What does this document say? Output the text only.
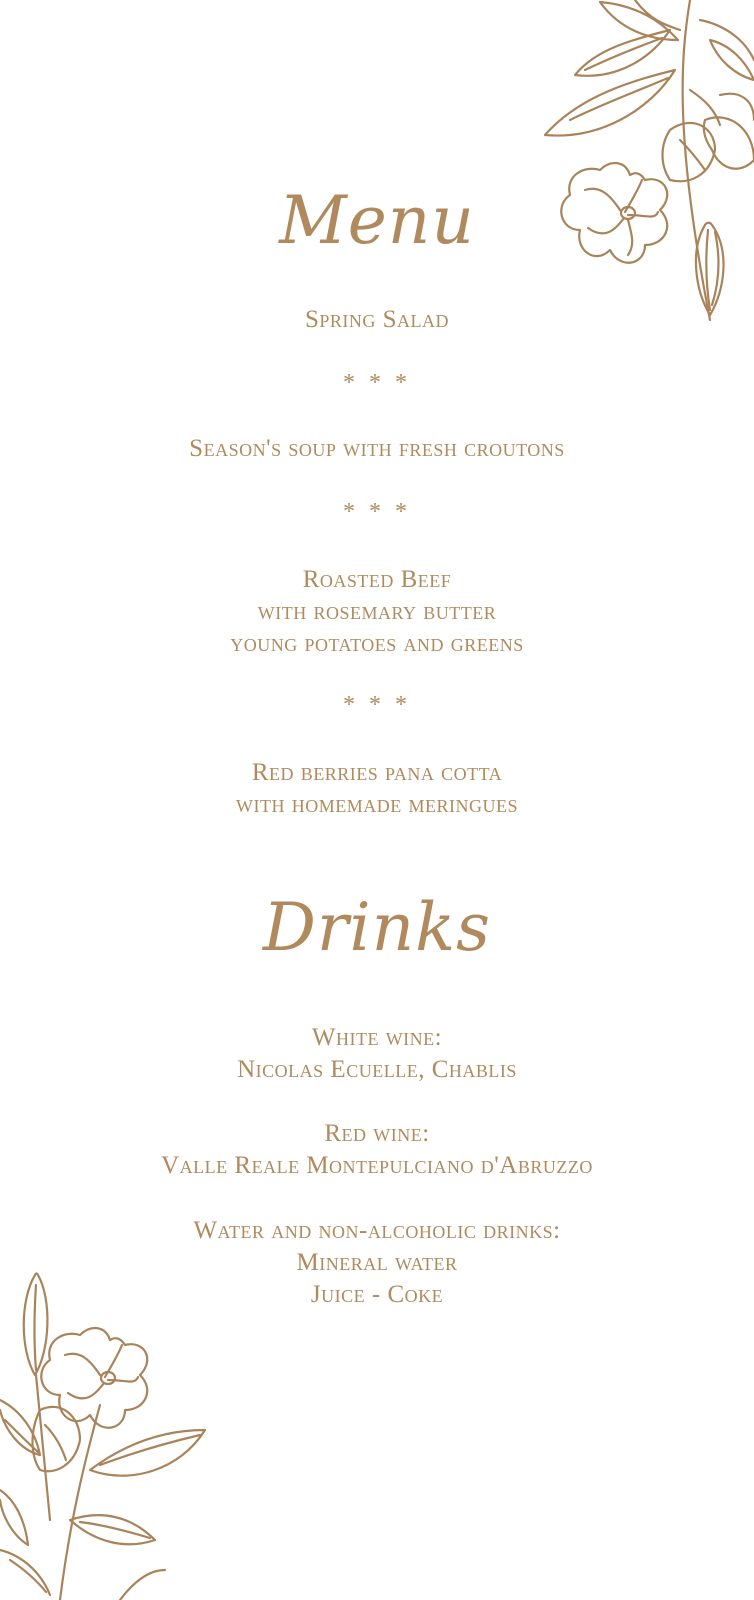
Menu
Spring Salad
* * *
Season's soup with fresh croutons
* * *
Roasted Beef
with rosemary butter
young potatoes and greens
* * *
Red berries pana cotta
with homemade meringues
Drinks
White wine:
Nicolas Ecuelle, Chablis
Red wine:
Valle Reale Montepulciano d'Abruzzo
Water and non-alcoholic drinks:
Mineral water
Juice - Coke
